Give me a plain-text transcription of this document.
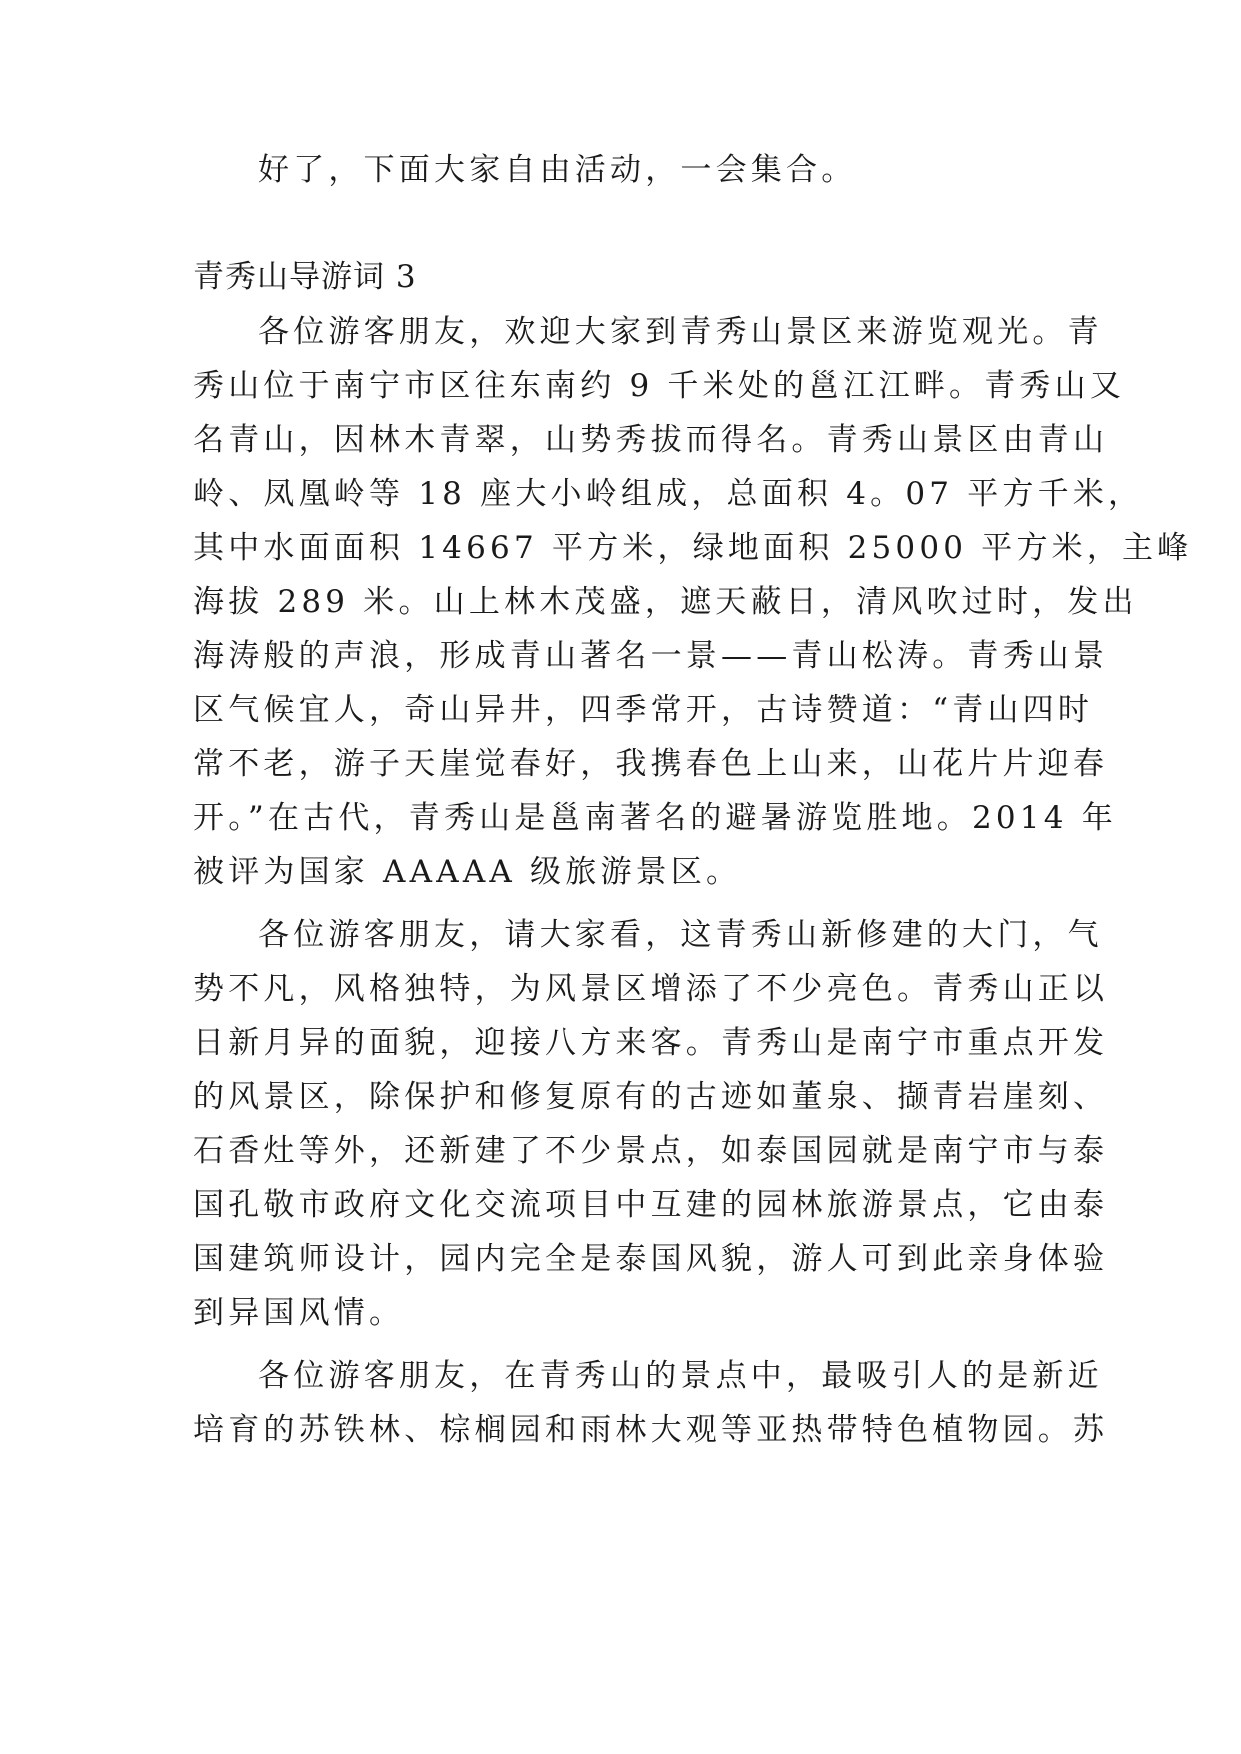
好了，下面大家自由活动，一会集合。
青秀山导游词 3
各位游客朋友，欢迎大家到青秀山景区来游览观光。青
秀山位于南宁市区往东南约 9 千米处的邕江江畔。青秀山又
名青山，因林木青翠，山势秀拔而得名。青秀山景区由青山
岭、凤凰岭等 18 座大小岭组成，总面积 4。07 平方千米，
其中水面面积 14667 平方米，绿地面积 25000 平方米，主峰
海拔 289 米。山上林木茂盛，遮天蔽日，清风吹过时，发出
海涛般的声浪，形成青山著名一景——青山松涛。青秀山景
区气候宜人，奇山异井，四季常开，古诗赞道：“青山四时
常不老，游子天崖觉春好，我携春色上山来，山花片片迎春
开。”在古代，青秀山是邕南著名的避暑游览胜地。2014 年
被评为国家 AAAAA 级旅游景区。
各位游客朋友，请大家看，这青秀山新修建的大门，气
势不凡，风格独特，为风景区增添了不少亮色。青秀山正以
日新月异的面貌，迎接八方来客。青秀山是南宁市重点开发
的风景区，除保护和修复原有的古迹如董泉、撷青岩崖刻、
石香灶等外，还新建了不少景点，如泰国园就是南宁市与泰
国孔敬市政府文化交流项目中互建的园林旅游景点，它由泰
国建筑师设计，园内完全是泰国风貌，游人可到此亲身体验
到异国风情。
各位游客朋友，在青秀山的景点中，最吸引人的是新近
培育的苏铁林、棕榈园和雨林大观等亚热带特色植物园。苏
